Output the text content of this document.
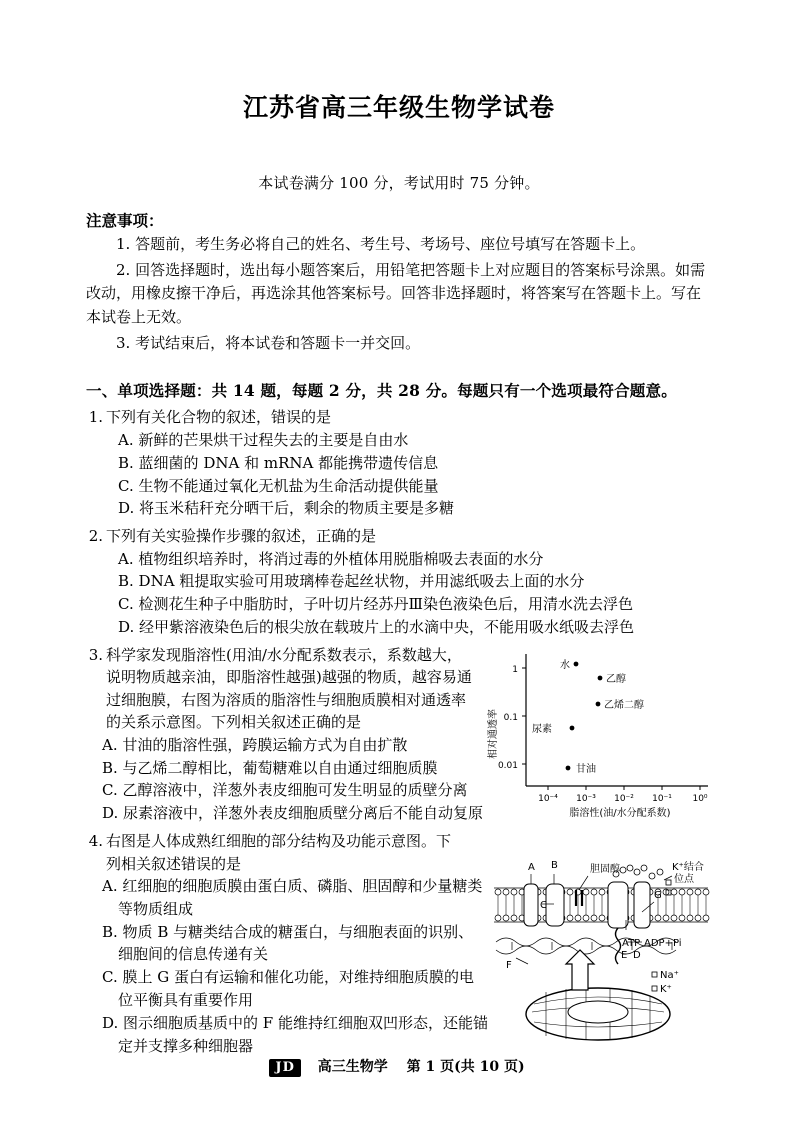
江苏省高三年级生物学试卷
本试卷满分 100 分，考试用时 75 分钟。
注意事项：
1. 答题前，考生务必将自己的姓名、考生号、考场号、座位号填写在答题卡上。
2. 回答选择题时，选出每小题答案后，用铅笔把答题卡上对应题目的答案标号涂黑。如需改动，用橡皮擦干净后，再选涂其他答案标号。回答非选择题时，将答案写在答题卡上。写在本试卷上无效。
3. 考试结束后，将本试卷和答题卡一并交回。
一、单项选择题：共 14 题，每题 2 分，共 28 分。每题只有一个选项最符合题意。
1. 下列有关化合物的叙述，错误的是
A. 新鲜的芒果烘干过程失去的主要是自由水
B. 蓝细菌的 DNA 和 mRNA 都能携带遗传信息
C. 生物不能通过氧化无机盐为生命活动提供能量
D. 将玉米秸秆充分晒干后，剩余的物质主要是多糖
2. 下列有关实验操作步骤的叙述，正确的是
A. 植物组织培养时，将消过毒的外植体用脱脂棉吸去表面的水分
B. DNA 粗提取实验可用玻璃棒卷起丝状物，并用滤纸吸去上面的水分
C. 检测花生种子中脂肪时，子叶切片经苏丹Ⅲ染色液染色后，用清水洗去浮色
D. 经甲紫溶液染色后的根尖放在载玻片上的水滴中央，不能用吸水纸吸去浮色
3. 科学家发现脂溶性(用油/水分配系数表示，系数越大，说明物质越亲油，即脂溶性越强)越强的物质，越容易通过细胞膜，右图为溶质的脂溶性与细胞质膜相对通透率的关系示意图。下列相关叙述正确的是
A. 甘油的脂溶性强，跨膜运输方式为自由扩散
B. 与乙烯二醇相比，葡萄糖难以自由通过细胞质膜
C. 乙醇溶液中，洋葱外表皮细胞可发生明显的质壁分离
D. 尿素溶液中，洋葱外表皮细胞质壁分离后不能自动复原
1
0.1
0.01
相对通透率
10⁻⁴ 10⁻³ 10⁻² 10⁻¹ 10⁰
脂溶性(油/水分配系数)
水
乙醇
乙烯二醇
尿素
甘油
4. 右图是人体成熟红细胞的部分结构及功能示意图。下列相关叙述错误的是
A. 红细胞的细胞质膜由蛋白质、磷脂、胆固醇和少量糖类等物质组成
B. 物质 B 与糖类结合成的糖蛋白，与细胞表面的识别、细胞间的信息传递有关
C. 膜上 G 蛋白有运输和催化功能，对维持细胞质膜的电位平衡具有重要作用
D. 图示细胞质基质中的 F 能维持红细胞双凹形态，还能锚定并支撑多种细胞器
A B	胆固醇
C
G
K⁺结合
位点
ATP ADP+Pi
E D
F
Na⁺
K⁺
JD 高三生物学 第 1 页(共 10 页)
